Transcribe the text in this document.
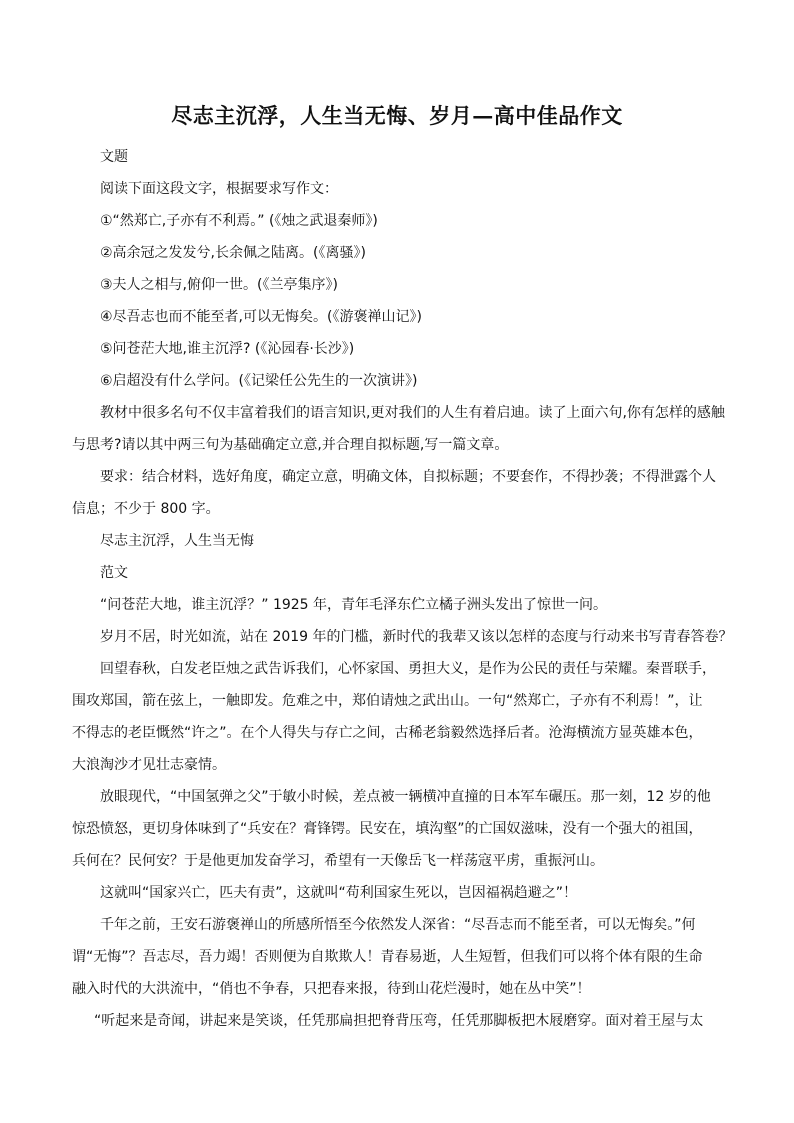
尽志主沉浮，人生当无悔、岁月—高中佳品作文
文题
阅读下面这段文字，根据要求写作文：
①“然郑亡,子亦有不利焉。” (《烛之武退秦师》)
②高余冠之发发兮,长余佩之陆离。(《离骚》)
③夫人之相与,俯仰一世。(《兰亭集序》)
④尽吾志也而不能至者,可以无悔矣。(《游褒禅山记》)
⑤问苍茫大地,谁主沉浮? (《沁园春·长沙》)
⑥启超没有什么学问。(《记梁任公先生的一次演讲》)
教材中很多名句不仅丰富着我们的语言知识,更对我们的人生有着启迪。读了上面六句,你有怎样的感触
与思考?请以其中两三句为基础确定立意,并合理自拟标题,写一篇文章。
要求：结合材料，选好角度，确定立意，明确文体，自拟标题；不要套作，不得抄袭；不得泄露个人
信息；不少于 800 字。
尽志主沉浮，人生当无悔
范文
“问苍茫大地，谁主沉浮？” 1925 年，青年毛泽东伫立橘子洲头发出了惊世一问。
岁月不居，时光如流，站在 2019 年的门槛，新时代的我辈又该以怎样的态度与行动来书写青春答卷？
回望春秋，白发老臣烛之武告诉我们，心怀家国、勇担大义，是作为公民的责任与荣耀。秦晋联手，
围攻郑国，箭在弦上，一触即发。危难之中，郑伯请烛之武出山。一句“然郑亡，子亦有不利焉！”，让
不得志的老臣慨然“许之”。在个人得失与存亡之间，古稀老翁毅然选择后者。沧海横流方显英雄本色，
大浪淘沙才见壮志豪情。
放眼现代，“中国氢弹之父”于敏小时候，差点被一辆横冲直撞的日本军车碾压。那一刻，12 岁的他
惊恐愤怒，更切身体味到了“兵安在？膏锋锷。民安在，填沟壑”的亡国奴滋味，没有一个强大的祖国，
兵何在？民何安？于是他更加发奋学习，希望有一天像岳飞一样荡寇平虏，重振河山。
这就叫“国家兴亡，匹夫有责”，这就叫“苟利国家生死以，岂因福祸趋避之”！
千年之前，王安石游褒禅山的所感所悟至今依然发人深省：“尽吾志而不能至者，可以无悔矣。”何
谓“无悔”？吾志尽，吾力竭！否则便为自欺欺人！青春易逝，人生短暂，但我们可以将个体有限的生命
融入时代的大洪流中，“俏也不争春，只把春来报，待到山花烂漫时，她在丛中笑”！
“听起来是奇闻，讲起来是笑谈，任凭那扁担把脊背压弯，任凭那脚板把木屐磨穿。面对着王屋与太
